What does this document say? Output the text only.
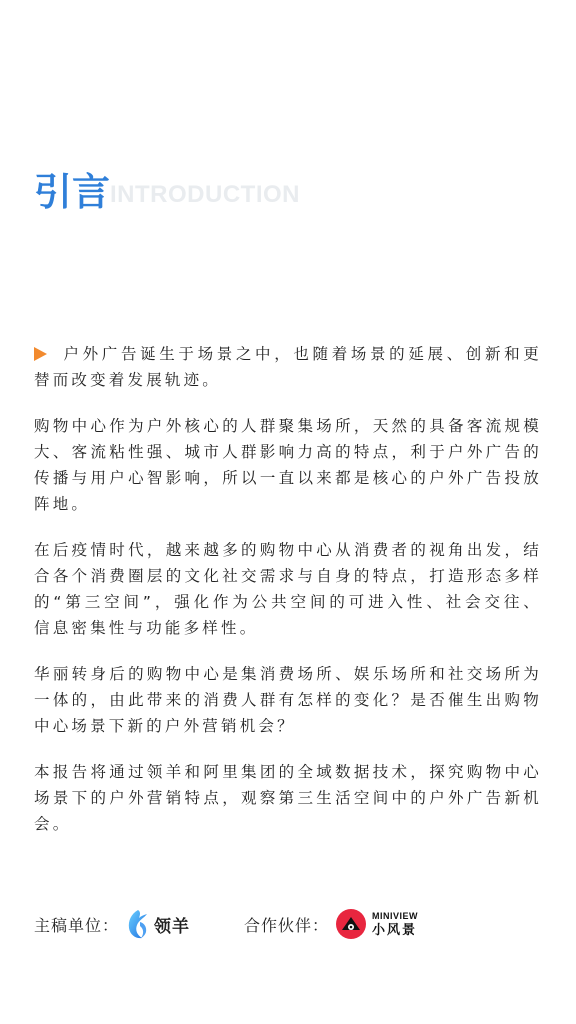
引言 INTRODUCTION

户外广告诞生于场景之中，也随着场景的延展、创新和更替而改变着发展轨迹。

购物中心作为户外核心的人群聚集场所，天然的具备客流规模大、客流粘性强、城市人群影响力高的特点，利于户外广告的传播与用户心智影响，所以一直以来都是核心的户外广告投放阵地。

在后疫情时代，越来越多的购物中心从消费者的视角出发，结合各个消费圈层的文化社交需求与自身的特点，打造形态多样的“第三空间”，强化作为公共空间的可进入性、社会交往、信息密集性与功能多样性。

华丽转身后的购物中心是集消费场所、娱乐场所和社交场所为一体的，由此带来的消费人群有怎样的变化？是否催生出购物中心场景下新的户外营销机会？

本报告将通过领羊和阿里集团的全域数据技术，探究购物中心场景下的户外营销特点，观察第三生活空间中的户外广告新机会。

主稿单位： 领羊	合作伙伴：	MINIVIEW
小风景
